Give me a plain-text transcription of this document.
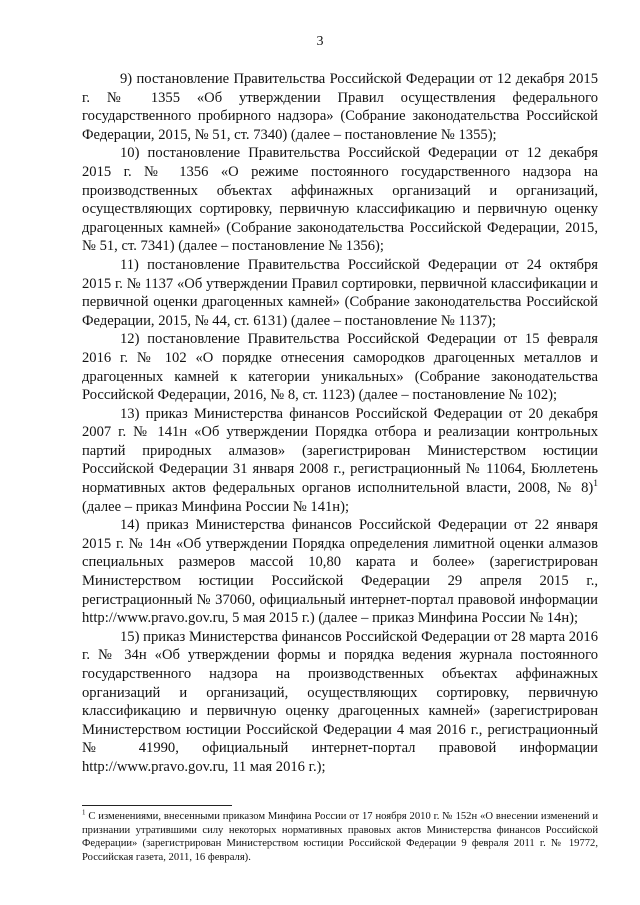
3

9) постановление Правительства Российской Федерации от 12 декабря 2015 г. № 1355 «Об утверждении Правил осуществления федерального государственного пробирного надзора» (Собрание законодательства Российской Федерации, 2015, № 51, ст. 7340) (далее – постановление № 1355);

10) постановление Правительства Российской Федерации от 12 декабря 2015 г. № 1356 «О режиме постоянного государственного надзора на производственных объектах аффинажных организаций и организаций, осуществляющих сортировку, первичную классификацию и первичную оценку драгоценных камней» (Собрание законодательства Российской Федерации, 2015, № 51, ст. 7341) (далее – постановление № 1356);

11) постановление Правительства Российской Федерации от 24 октября 2015 г. № 1137 «Об утверждении Правил сортировки, первичной классификации и первичной оценки драгоценных камней» (Собрание законодательства Российской Федерации, 2015, № 44, ст. 6131) (далее – постановление № 1137);

12) постановление Правительства Российской Федерации от 15 февраля 2016 г. № 102 «О порядке отнесения самородков драгоценных металлов и драгоценных камней к категории уникальных» (Собрание законодательства Российской Федерации, 2016, № 8, ст. 1123) (далее – постановление № 102);

13) приказ Министерства финансов Российской Федерации от 20 декабря 2007 г. № 141н «Об утверждении Порядка отбора и реализации контрольных партий природных алмазов» (зарегистрирован Министерством юстиции Российской Федерации 31 января 2008 г., регистрационный № 11064, Бюллетень нормативных актов федеральных органов исполнительной власти, 2008, № 8)$^1$ (далее – приказ Минфина России № 141н);

14) приказ Министерства финансов Российской Федерации от 22 января 2015 г. № 14н «Об утверждении Порядка определения лимитной оценки алмазов специальных размеров массой 10,80 карата и более» (зарегистрирован Министерством юстиции Российской Федерации 29 апреля 2015 г., регистрационный № 37060, официальный интернет-портал правовой информации http://www.pravo.gov.ru, 5 мая 2015 г.) (далее – приказ Минфина России № 14н);

15) приказ Министерства финансов Российской Федерации от 28 марта 2016 г. № 34н «Об утверждении формы и порядка ведения журнала постоянного государственного надзора на производственных объектах аффинажных организаций и организаций, осуществляющих сортировку, первичную классификацию и первичную оценку драгоценных камней» (зарегистрирован Министерством юстиции Российской Федерации 4 мая 2016 г., регистрационный № 41990, официальный интернет-портал правовой информации http://www.pravo.gov.ru, 11 мая 2016 г.);

$^1$ С изменениями, внесенными приказом Минфина России от 17 ноября 2010 г. № 152н «О внесении изменений и признании утратившими силу некоторых нормативных правовых актов Министерства финансов Российской Федерации» (зарегистрирован Министерством юстиции Российской Федерации 9 февраля 2011 г. № 19772, Российская газета, 2011, 16 февраля).
